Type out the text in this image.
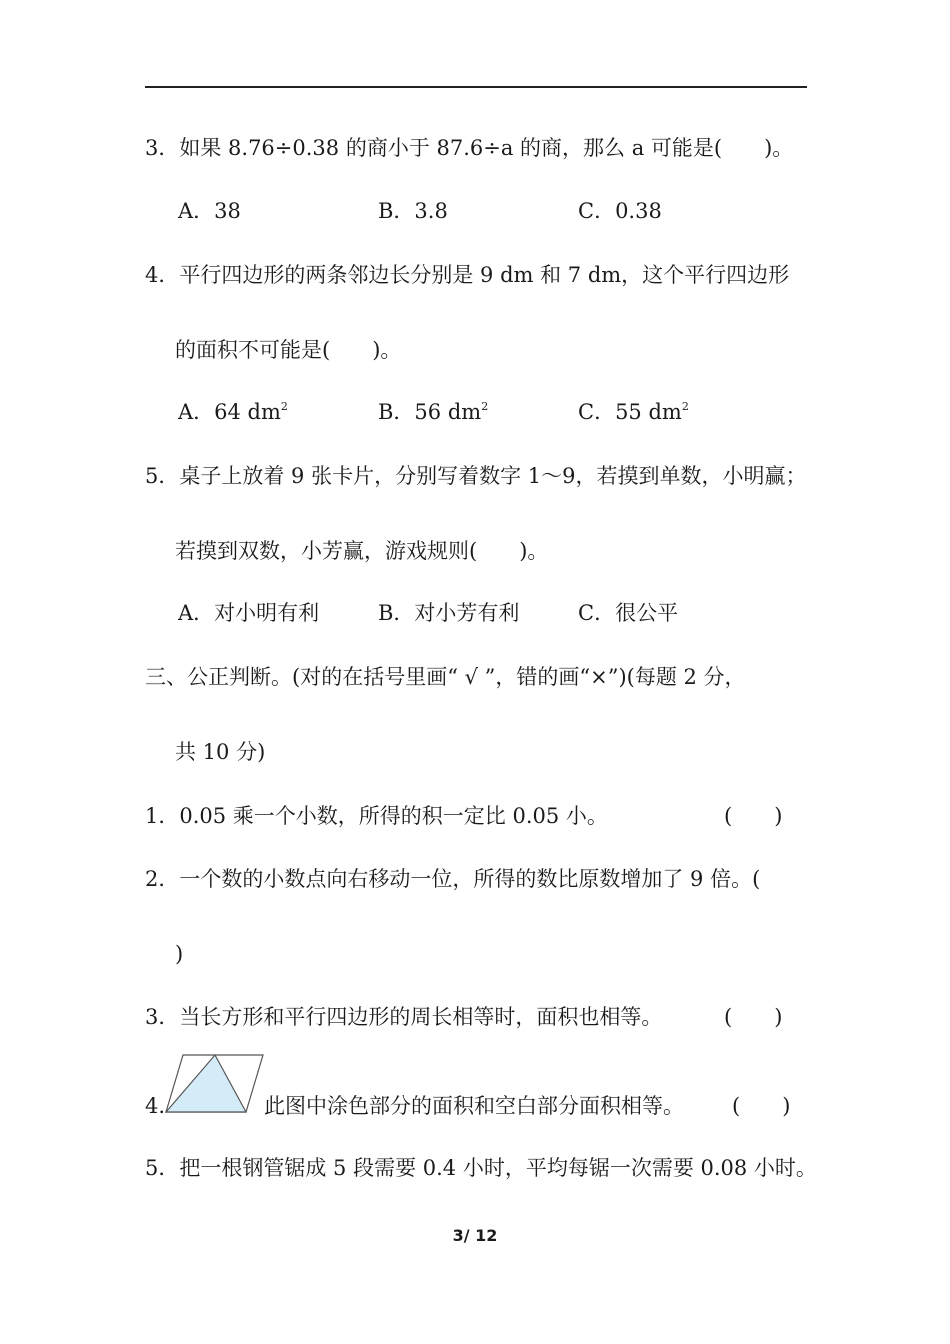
3．如果 8.76÷0.38 的商小于 87.6÷a 的商，那么 a 可能是(　　)。
A．38	B．3.8	C．0.38
4．平行四边形的两条邻边长分别是 9 dm 和 7 dm，这个平行四边形
的面积不可能是(　　)。
A．64 $dm^2$	B．56 $dm^2$	C．55 $dm^2$
5．桌子上放着 9 张卡片，分别写着数字 1～9，若摸到单数，小明赢；
若摸到双数，小芳赢，游戏规则(　　)。
A．对小明有利	B．对小芳有利	C．很公平
三、公正判断。(对的在括号里画“ √ ”，错的画“×”)(每题 2 分，
共 10 分)
1．0.05 乘一个小数，所得的积一定比 0.05 小。	(　　)
2．一个数的小数点向右移动一位，所得的数比原数增加了 9 倍。(
)
3．当长方形和平行四边形的周长相等时，面积也相等。	(　　)
4.	此图中涂色部分的面积和空白部分面积相等。 (　　)
5．把一根钢管锯成 5 段需要 0.4 小时，平均每锯一次需要 0.08 小时。
3/ 12
